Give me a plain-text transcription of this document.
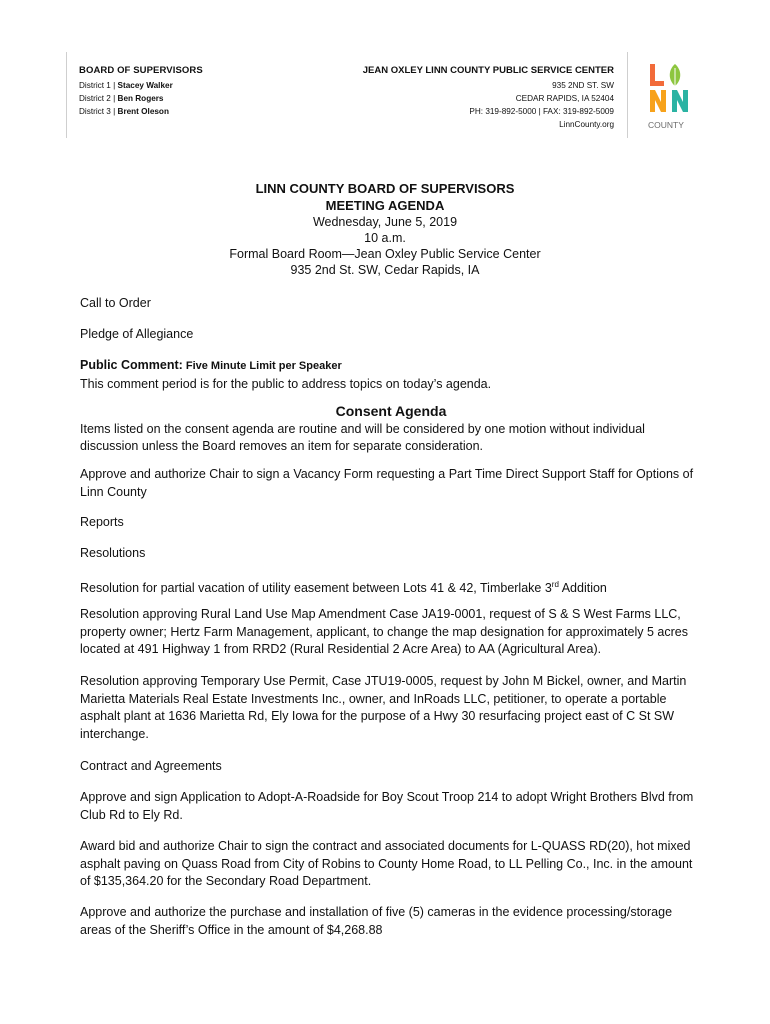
BOARD OF SUPERVISORS
District 1 | Stacey Walker
District 2 | Ben Rogers
District 3 | Brent Oleson
JEAN OXLEY LINN COUNTY PUBLIC SERVICE CENTER
935 2ND ST. SW
CEDAR RAPIDS, IA 52404
PH: 319-892-5000 | FAX: 319-892-5009
LinnCounty.org	COUNTY
LINN COUNTY BOARD OF SUPERVISORS
MEETING AGENDA
Wednesday, June 5, 2019
10 a.m.
Formal Board Room—Jean Oxley Public Service Center
935 2nd St. SW, Cedar Rapids, IA
Call to Order
Pledge of Allegiance
Public Comment: Five Minute Limit per Speaker
This comment period is for the public to address topics on today’s agenda.
Consent Agenda
Items listed on the consent agenda are routine and will be considered by one motion without individual discussion unless the Board removes an item for separate consideration.
Approve and authorize Chair to sign a Vacancy Form requesting a Part Time Direct Support Staff for Options of Linn County
Reports
Resolutions
Resolution for partial vacation of utility easement between Lots 41 & 42, Timberlake 3rd Addition
Resolution approving Rural Land Use Map Amendment Case JA19-0001, request of S & S West Farms LLC, property owner; Hertz Farm Management, applicant, to change the map designation for approximately 5 acres located at 491 Highway 1 from RRD2 (Rural Residential 2 Acre Area) to AA (Agricultural Area).
Resolution approving Temporary Use Permit, Case JTU19-0005, request by John M Bickel, owner, and Martin Marietta Materials Real Estate Investments Inc., owner, and InRoads LLC, petitioner, to operate a portable asphalt plant at 1636 Marietta Rd, Ely Iowa for the purpose of a Hwy 30 resurfacing project east of C St SW interchange.
Contract and Agreements
Approve and sign Application to Adopt-A-Roadside for Boy Scout Troop 214 to adopt Wright Brothers Blvd from Club Rd to Ely Rd.
Award bid and authorize Chair to sign the contract and associated documents for L-QUASS RD(20), hot mixed asphalt paving on Quass Road from City of Robins to County Home Road, to LL Pelling Co., Inc. in the amount of $135,364.20 for the Secondary Road Department.
Approve and authorize the purchase and installation of five (5) cameras in the evidence processing/storage areas of the Sheriff’s Office in the amount of $4,268.88
